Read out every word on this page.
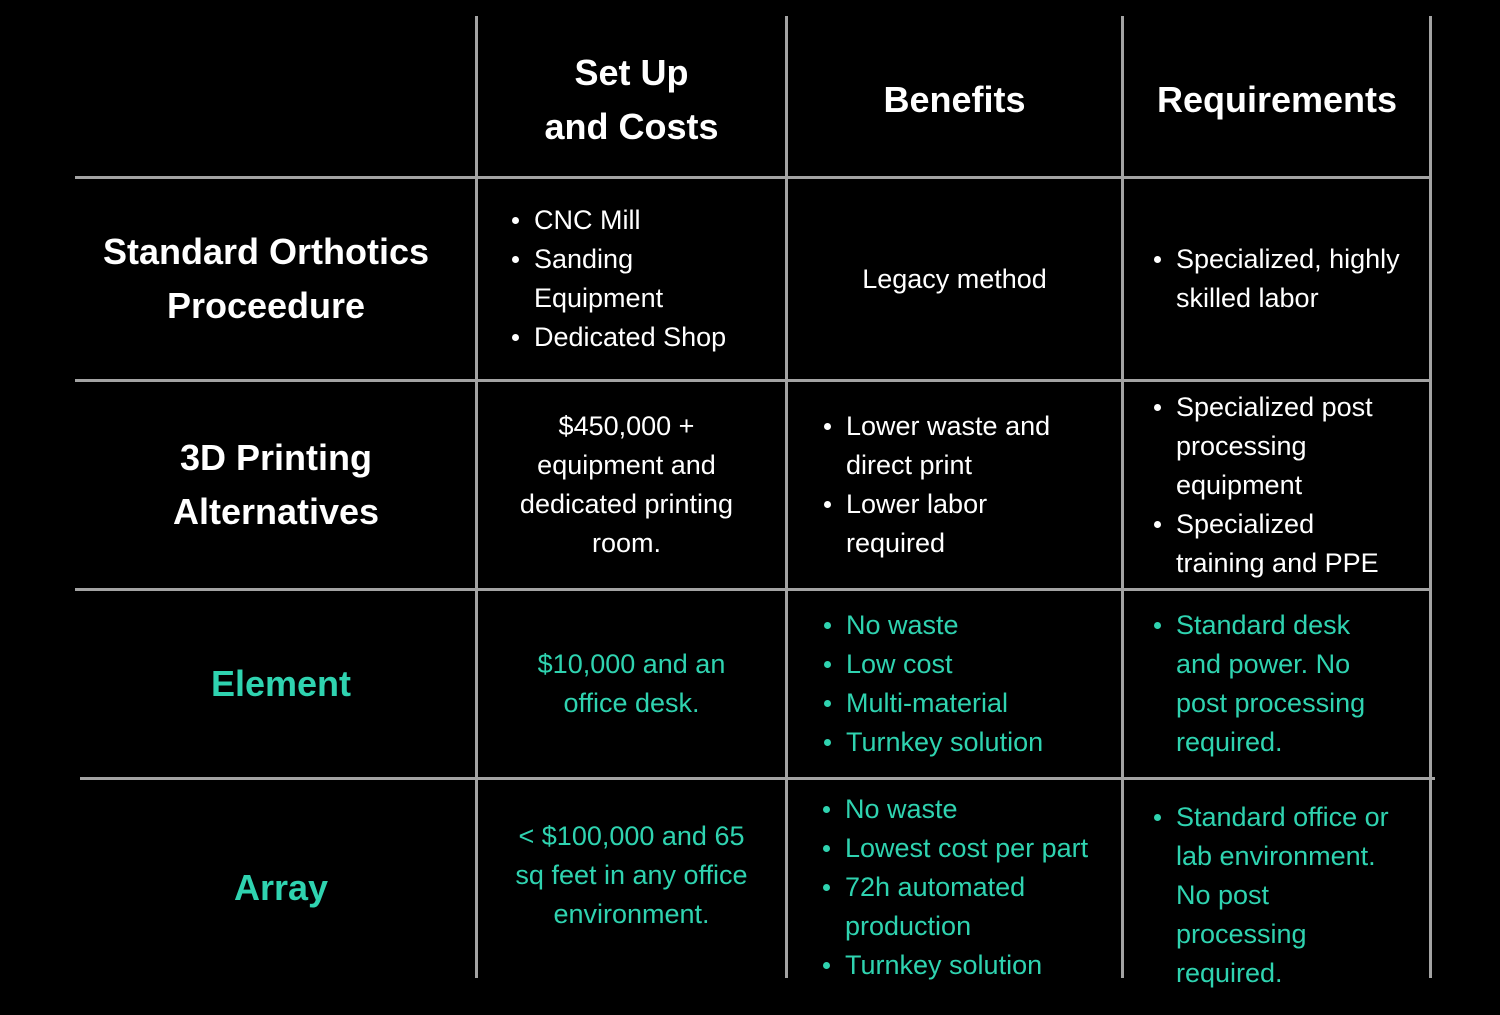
Set Up
and Costs

Benefits	Requirements

Standard Orthotics
Proceedure

CNC Mill
Sanding Equipment
Dedicated Shop

Legacy method

Specialized, highly skilled labor

3D Printing
Alternatives

$450,000 + equipment and dedicated printing room.

Lower waste and direct print
Lower labor required
Specialized post processing equipment
Specialized training and PPE

Element	$10,000 and an office desk.

No waste
Low cost
Multi-material
Turnkey solution
Standard desk and power. No post processing required.

Array

< $100,000 and 65 sq feet in any office environment.

No waste
Lowest cost per part
72h automated production
Turnkey solution
Standard office or lab environment. No post processing required.
